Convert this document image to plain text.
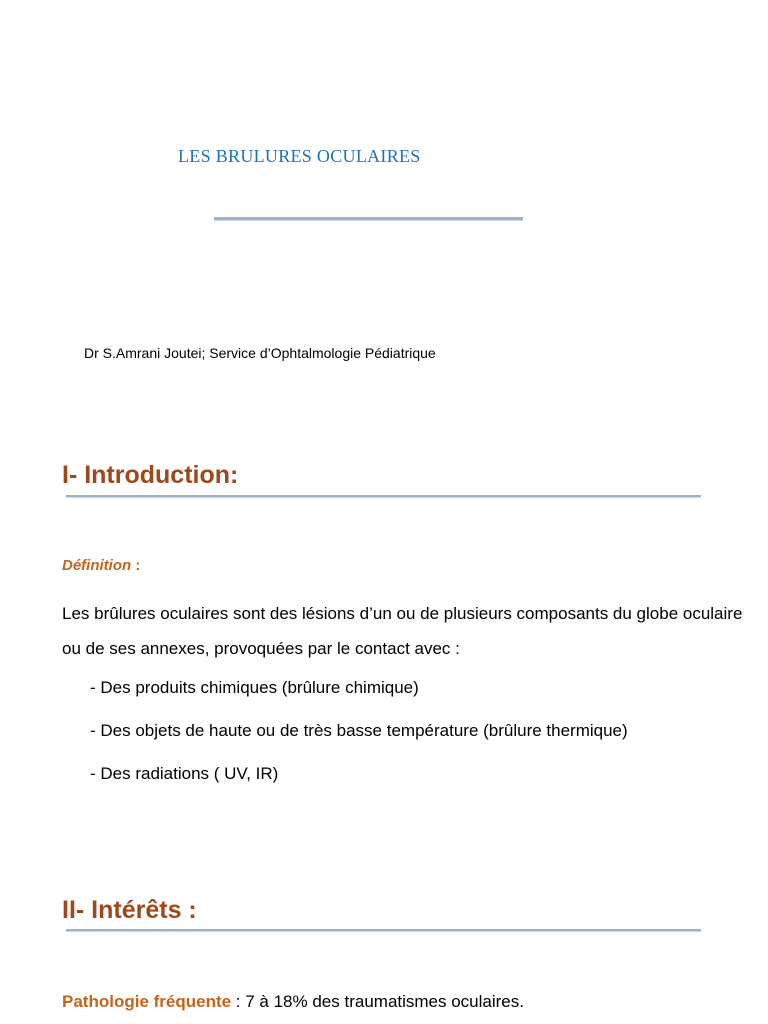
LES BRULURES OCULAIRES
Dr S.Amrani Joutei; Service d’Ophtalmologie Pédiatrique
I- Introduction:
Définition :
Les brûlures oculaires sont des lésions d’un ou de plusieurs composants du globe oculaire ou de ses annexes, provoquées par le contact avec :
- Des produits chimiques (brûlure chimique)
- Des objets de haute ou de très basse température (brûlure thermique)
- Des radiations ( UV, IR)
II- Intérêts :
Pathologie fréquente : 7 à 18% des traumatismes oculaires.
